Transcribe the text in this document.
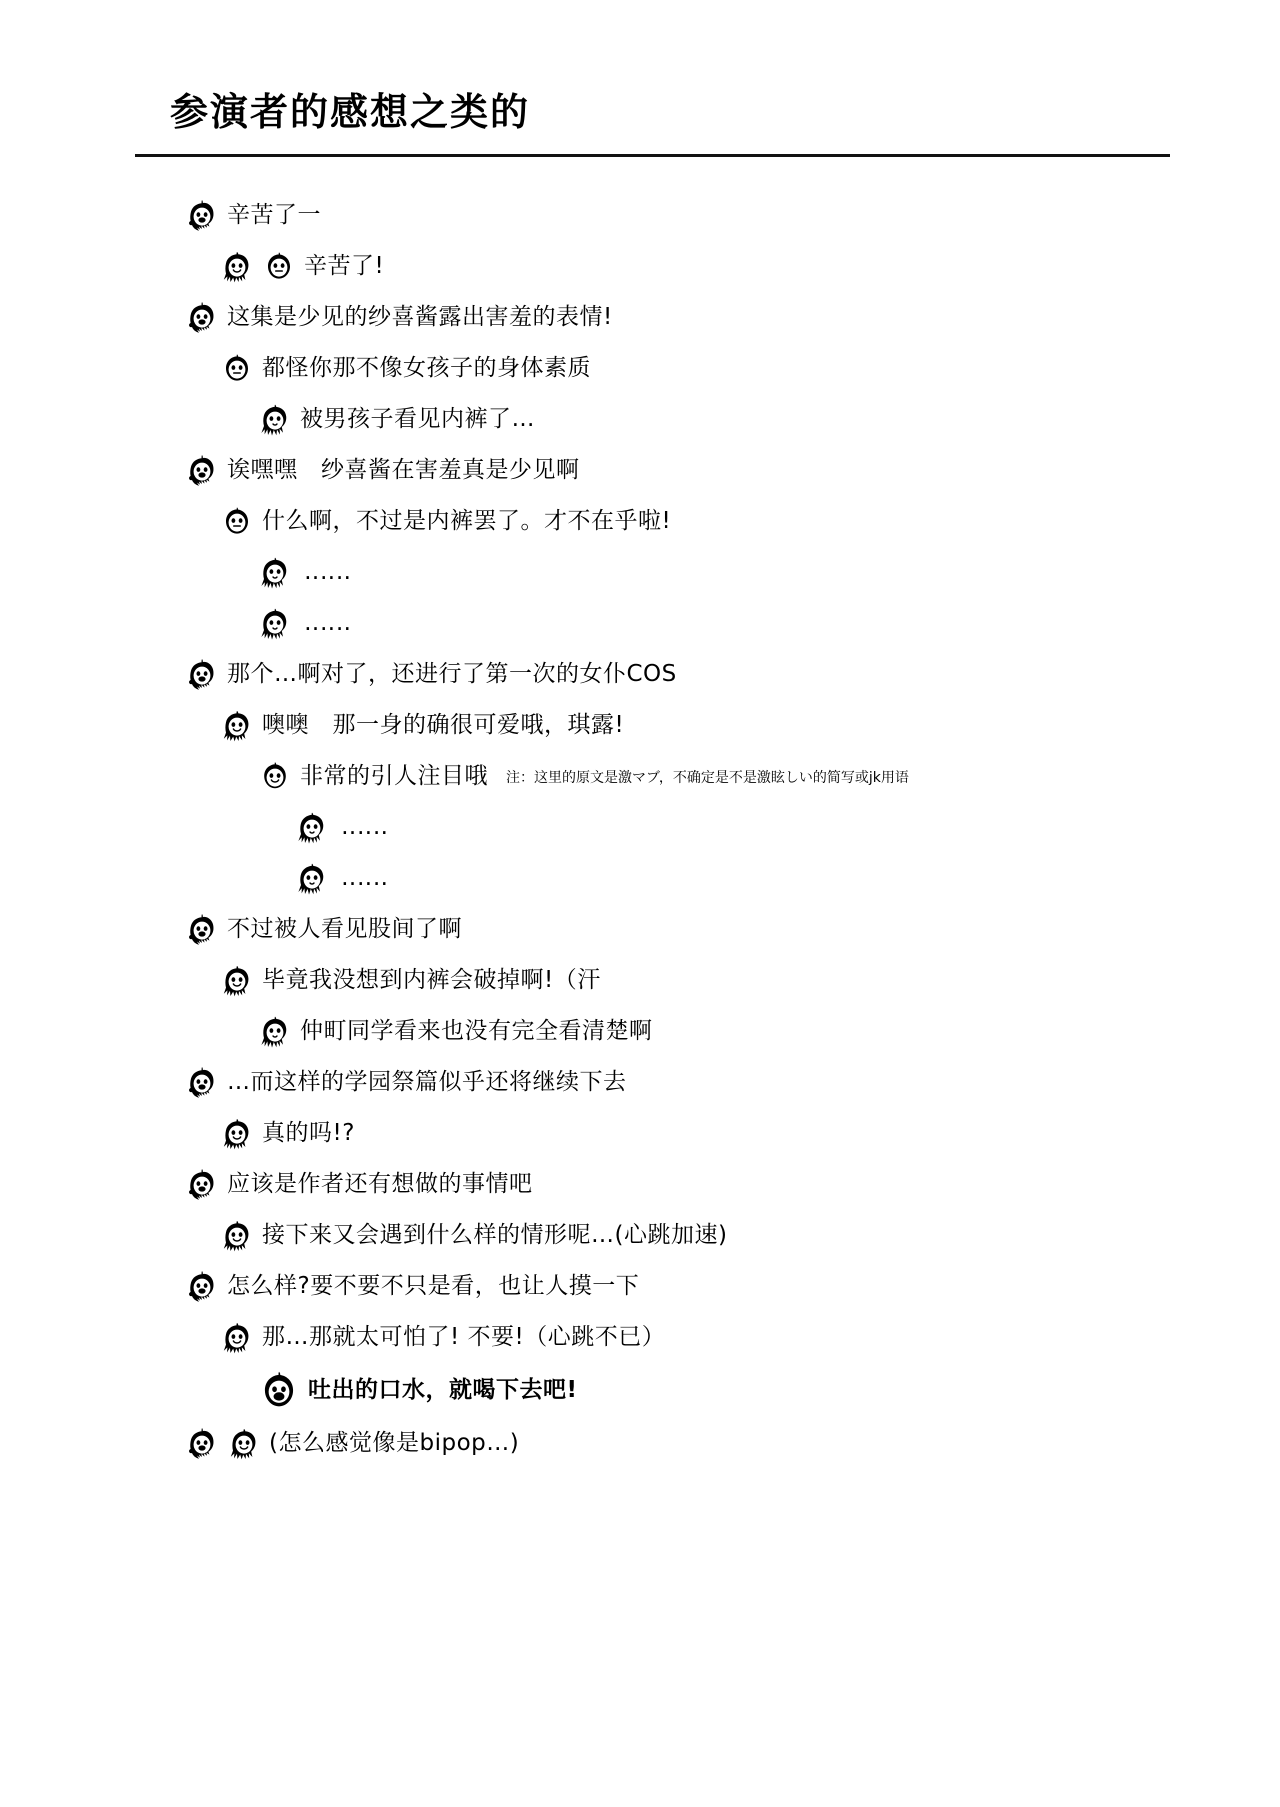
参演者的感想之类的
辛苦了一
辛苦了!
这集是少见的纱喜酱露出害羞的表情!
都怪你那不像女孩子的身体素质
被男孩子看见内裤了…
诶嘿嘿　纱喜酱在害羞真是少见啊
什么啊，不过是内裤罢了。才不在乎啦!
‥‥‥
‥‥‥
那个…啊对了，还进行了第一次的女仆COS
噢噢　那一身的确很可爱哦，琪露!
非常的引人注目哦 注：这里的原文是激マブ，不确定是不是激眩しい的简写或jk用语
‥‥‥
‥‥‥
不过被人看见股间了啊
毕竟我没想到内裤会破掉啊!（汗
仲町同学看来也没有完全看清楚啊
…而这样的学园祭篇似乎还将继续下去
真的吗!?
应该是作者还有想做的事情吧
接下来又会遇到什么样的情形呢…(心跳加速)
怎么样?要不要不只是看，也让人摸一下
那…那就太可怕了! 不要!（心跳不已）
吐出的口水，就喝下去吧!
(怎么感觉像是bipop…)
